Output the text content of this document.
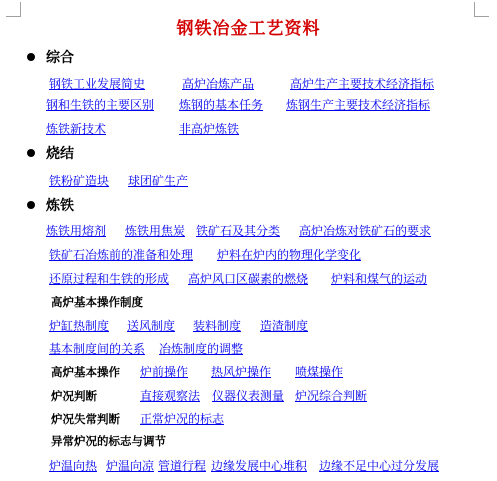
钢铁冶金工艺资料
综合
钢铁工业发展简史	高炉冶炼产品	高炉生产主要技术经济指标
钢和生铁的主要区别 炼钢的基本任务 炼钢生产主要技术经济指标
炼铁新技术	非高炉炼铁
烧结
铁粉矿造块 球团矿生产
炼铁
炼铁用熔剂 炼铁用焦炭 铁矿石及其分类 高炉冶炼对铁矿石的要求
铁矿石冶炼前的准备和处理 炉料在炉内的物理化学变化
还原过程和生铁的形成 高炉风口区碳素的燃烧 炉料和煤气的运动
高炉基本操作制度
炉缸热制度 送风制度 装料制度 造渣制度
基本制度间的关系 冶炼制度的调整
高炉基本操作 炉前操作 热风炉操作 喷煤操作
炉况判断	直接观察法 仪器仪表测量 炉况综合判断
炉况失常判断 正常炉况的标志
异常炉况的标志与调节
炉温向热 炉温向凉 管道行程 边缘发展中心堆积 边缘不足中心过分发展
